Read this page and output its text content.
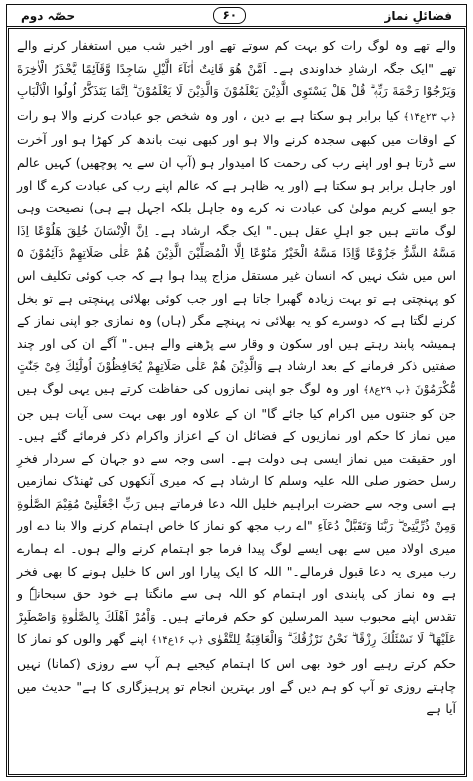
فضائلِ نماز
۶۰
حصّہ دوم

والے تھے وہ لوگ رات کو بہت کم سوتے تھے اور اخیر شب میں استغفار کرنے والے تھے "ایک جگہ ارشادِ خداوندی ہے۔ اَمَّنْ هُوَ قَانِتٌ اٰنَآءَ الَّيْلِ سَاجِدًا وَّقَآئِمًا يَّحْذَرُ الْاٰخِرَةَ وَيَرْجُوْا رَحْمَةَ رَبِّهٖ ۗ قُلْ هَلْ يَسْتَوِى الَّذِيْنَ يَعْلَمُوْنَ وَالَّذِيْنَ لَا يَعْلَمُوْنَ ۗ اِنَّمَا يَتَذَكَّرُ اُولُوا الْاَلْبَابِ ﴿پ ۲۳ع۱۴﴾ کیا برابر ہو سکتا ہے بے دین ، اور وہ شخص جو عبادت کرنے والا ہو رات کے اوقات میں کبھی سجدہ کرنے والا ہو اور کبھی نیت باندھ کر کھڑا ہو اور آخرت سے ڈرتا ہو اور اپنے رب کی رحمت کا امیدوار ہو (آپ ان سے یہ پوچھیں) کہیں عالم اور جاہل برابر ہو سکتا ہے (اور یہ ظاہر ہے کہ عالم اپنے رب کی عبادت کرے گا اور جو ایسے کریم مولیٰ کی عبادت نہ کرے وہ جاہل بلکہ اجہل ہے ہی) نصیحت وہی لوگ مانتے ہیں جو اہلِ عقل ہیں۔" ایک جگہ ارشاد ہے۔ اِنَّ الْاِنْسَانَ خُلِقَ هَلُوْعًا اِذَا مَسَّهُ الشَّرُّ جَزُوْعًا وَّاِذَا مَسَّهُ الْخَيْرُ مَنُوْعًا اِلَّا الْمُصَلِّيْنَ الَّذِيْنَ هُمْ عَلٰى صَلَاتِهِمْ دَآئِمُوْنَ ۵ اس میں شک نہیں کہ انسان غیر مستقل مزاج پیدا ہوا ہے کہ جب کوئی تکلیف اس کو پہنچتی ہے تو بہت زیادہ گھبرا جاتا ہے اور جب کوئی بھلائی پہنچتی ہے تو بخل کرنے لگتا ہے کہ دوسرے کو یہ بھلائی نہ پہنچے مگر (ہاں) وہ نمازی جو اپنی نماز کے ہمیشہ پابند رہتے ہیں اور سکون و وقار سے پڑھنے والے ہیں۔" آگے ان کی اور چند صفتیں ذکر فرمانے کے بعد ارشاد ہے وَالَّذِيْنَ هُمْ عَلٰى صَلَاتِهِمْ يُحَافِظُوْنَ اُولٰٓئِكَ فِىْ جَنّٰتٍ مُّكْرَمُوْنَ ﴿پ ۲۹ع۸﴾ اور وہ لوگ جو اپنی نمازوں کی حفاظت کرتے ہیں یہی لوگ ہیں جن کو جنتوں میں اکرام کیا جائے گا" ان کے علاوہ اور بھی بہت سی آیات ہیں جن میں نماز کا حکم اور نمازیوں کے فضائل ان کے اعزاز واکرام ذکر فرمائے گئے ہیں۔ اور حقیقت میں نماز ایسی ہی دولت ہے۔ اسی وجہ سے دو جہان کے سردار فخرِ رسل حضور صلی اللہ علیہ وسلم کا ارشاد ہے کہ میری آنکھوں کی ٹھنڈک نمازمیں ہے اسی وجہ سے حضرت ابراہیم خلیل اللہ دعا فرماتے ہیں رَبِّ اجْعَلْنِىْ مُقِيْمَ الصَّلٰوةِ وَمِنْ ذُرِّيَّتِىْ ۖ رَبَّنَا وَتَقَبَّلْ دُعَآءِ "اے رب مجھ کو نماز کا خاص اہتمام کرنے والا بنا دے اور میری اولاد میں سے بھی ایسے لوگ پیدا فرما جو اہتمام کرنے والے ہوں۔ اے ہمارے رب میری یہ دعا قبول فرمالے۔" اللہ کا ایک پیارا اور اس کا خلیل ہونے کا بھی فخر ہے وہ نماز کی پابندی اور اہتمام کو اللہ ہی سے مانگتا ہے خود حق سبحانہٗ و تقدس اپنے محبوب سید المرسلین کو حکم فرماتے ہیں۔ وَاْمُرْ اَهْلَكَ بِالصَّلٰوةِ وَاصْطَبِرْ عَلَيْهَا ۗ لَا نَسْئَلُكَ رِزْقًا ۗ نَحْنُ نَرْزُقُكَ ۗ وَالْعَاقِبَةُ لِلتَّقْوٰى ﴿پ ۱۶ع۱۴﴾ اپنے گھر والوں کو نماز کا حکم کرتے رہیے اور خود بھی اس کا اہتمام کیجیے ہم آپ سے روزی (کمانا) نہیں چاہتے روزی تو آپ کو ہم دیں گے اور بہترین انجام تو پرہیزگاری کا ہے" حدیث میں آیا ہے
